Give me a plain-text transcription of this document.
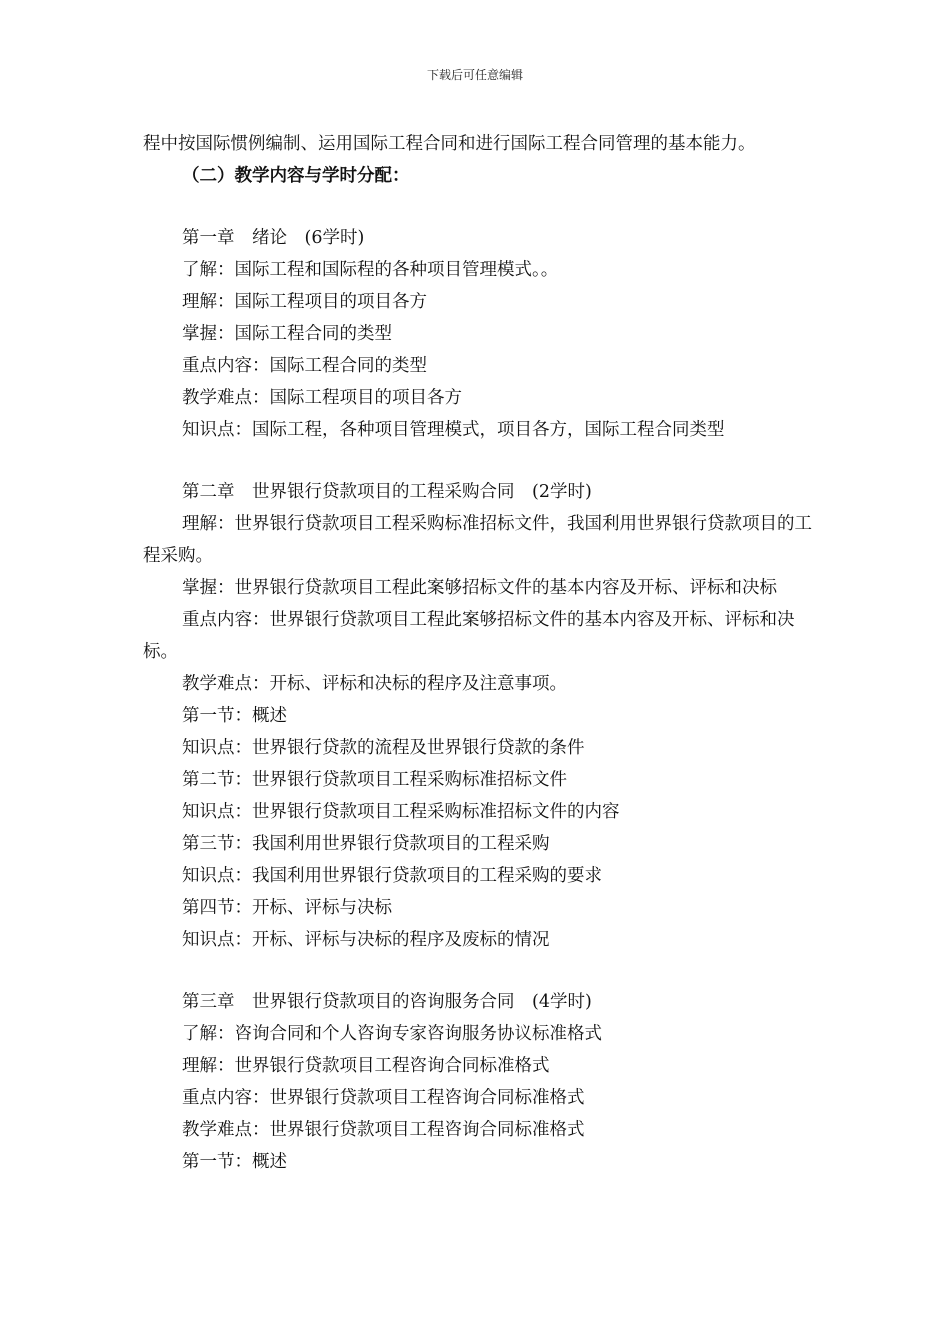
下载后可任意编辑
程中按国际惯例编制、运用国际工程合同和进行国际工程合同管理的基本能力。
（二）教学内容与学时分配：
第一章　绪论　(6学时)
了解：国际工程和国际程的各种项目管理模式。。
理解：国际工程项目的项目各方
掌握：国际工程合同的类型
重点内容：国际工程合同的类型
教学难点：国际工程项目的项目各方
知识点：国际工程，各种项目管理模式，项目各方，国际工程合同类型
第二章　世界银行贷款项目的工程采购合同　(2学时)
理解：世界银行贷款项目工程采购标准招标文件，我国利用世界银行贷款项目的工程采购。
掌握：世界银行贷款项目工程此案够招标文件的基本内容及开标、评标和决标
重点内容：世界银行贷款项目工程此案够招标文件的基本内容及开标、评标和决标。
教学难点：开标、评标和决标的程序及注意事项。
第一节：概述
知识点：世界银行贷款的流程及世界银行贷款的条件
第二节：世界银行贷款项目工程采购标准招标文件
知识点：世界银行贷款项目工程采购标准招标文件的内容
第三节：我国利用世界银行贷款项目的工程采购
知识点：我国利用世界银行贷款项目的工程采购的要求
第四节：开标、评标与决标
知识点：开标、评标与决标的程序及废标的情况
第三章　世界银行贷款项目的咨询服务合同　(4学时)
了解：咨询合同和个人咨询专家咨询服务协议标准格式
理解：世界银行贷款项目工程咨询合同标准格式
重点内容：世界银行贷款项目工程咨询合同标准格式
教学难点：世界银行贷款项目工程咨询合同标准格式
第一节：概述
